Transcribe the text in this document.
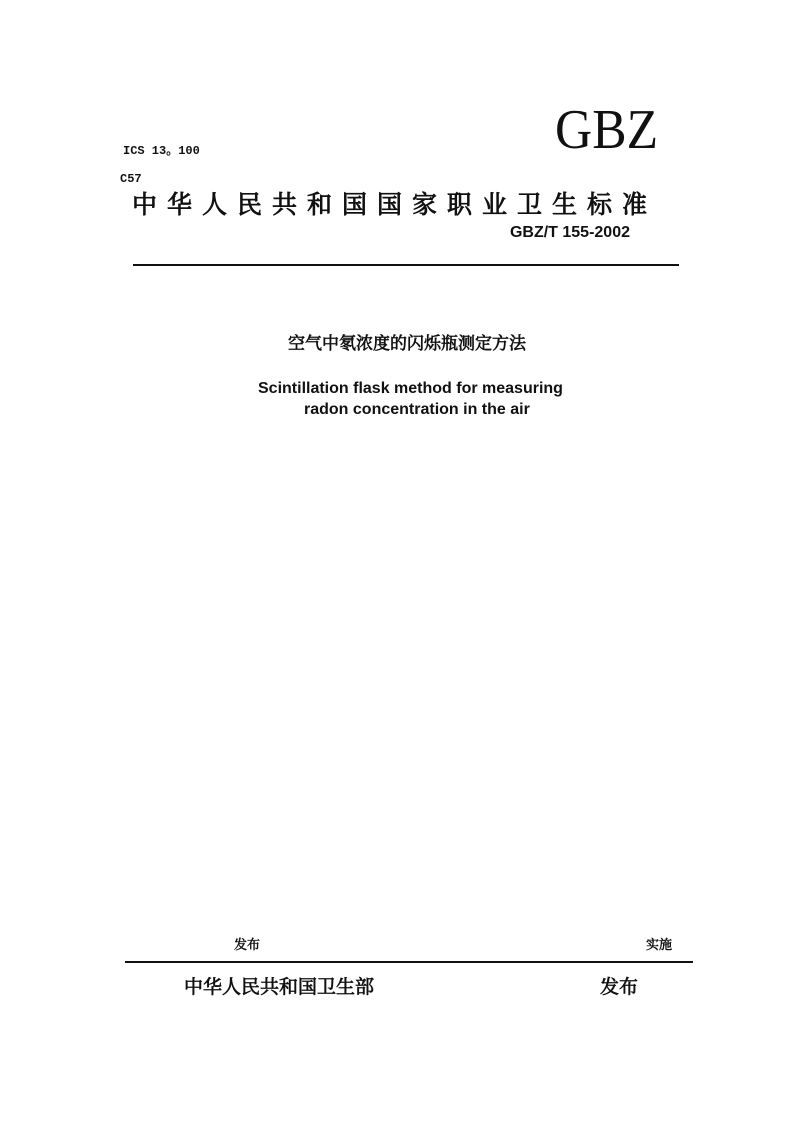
ICS 13。100	GBZ
C57
中华人民共和国国家职业卫生标准
GBZ/T 155-2002
空气中氡浓度的闪烁瓶测定方法
Scintillation flask method for measuring
radon concentration in the air
发布	实施
中华人民共和国卫生部	发布
